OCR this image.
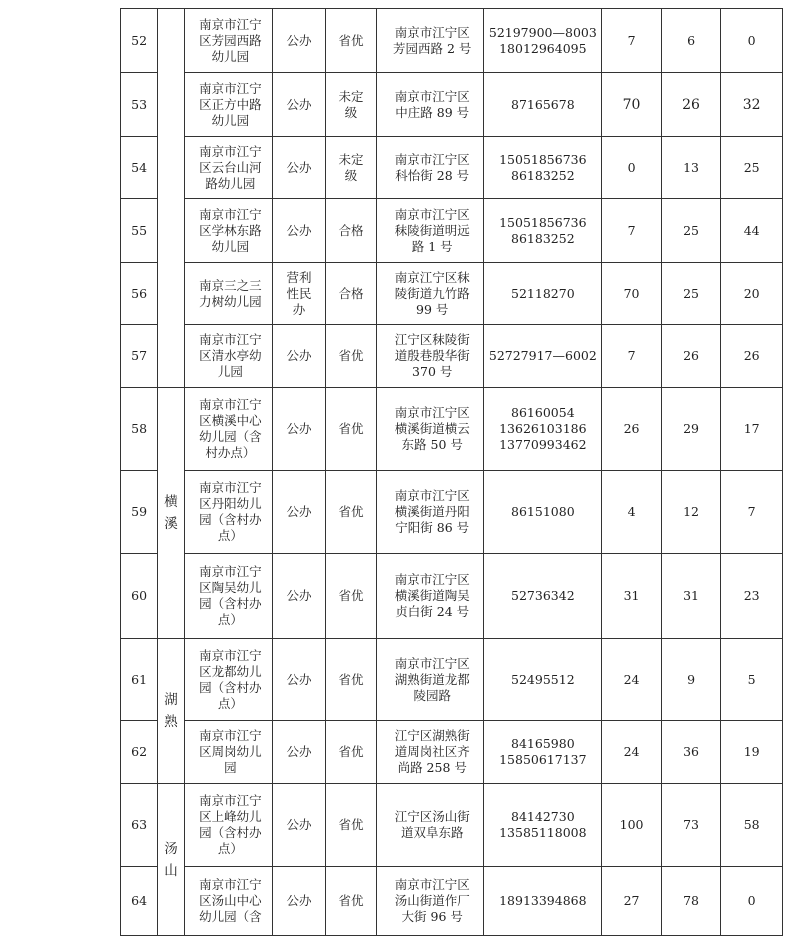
52		南京市江宁
区芳园西路
幼儿园	公办	省优	南京市江宁区
芳园西路 2 号	52197900—8003
18012964095	7	6	0
53		南京市江宁
区正方中路
幼儿园	公办	未定
级	南京市江宁区
中庄路 89 号	87165678	70	26	32
54		南京市江宁
区云台山河
路幼儿园	公办	未定
级	南京市江宁区
科怡街 28 号	15051856736
86183252	0	13	25
55		南京市江宁
区学林东路
幼儿园	公办	合格	南京市江宁区
秣陵街道明远
路 1 号	15051856736
86183252	7	25	44
56		南京三之三
力树幼儿园	营利
性民
办	合格	南京江宁区秣
陵街道九竹路
99 号	52118270	70	25	20
57		南京市江宁
区清水亭幼
儿园	公办	省优	江宁区秣陵街
道殷巷殷华街
370 号	52727917—6002	7	26	26
58	横
溪	南京市江宁
区横溪中心
幼儿园（含
村办点）	公办	省优	南京市江宁区
横溪街道横云
东路 50 号	86160054
13626103186
13770993462	26	29	17
59		南京市江宁
区丹阳幼儿
园（含村办
点）	公办	省优	南京市江宁区
横溪街道丹阳
宁阳街 86 号	86151080	4	12	7
60		南京市江宁
区陶吴幼儿
园（含村办
点）	公办	省优	南京市江宁区
横溪街道陶吴
贞白街 24 号	52736342	31	31	23
61	湖
熟	南京市江宁
区龙都幼儿
园（含村办
点）	公办	省优	南京市江宁区
湖熟街道龙都
陵园路	52495512	24	9	5
62		南京市江宁
区周岗幼儿
园	公办	省优	江宁区湖熟街
道周岗社区齐
尚路 258 号	84165980
15850617137	24	36	19
63	汤
山	南京市江宁
区上峰幼儿
园（含村办
点）	公办	省优	江宁区汤山街
道双阜东路	84142730
13585118008	100	73	58
64		南京市江宁
区汤山中心
幼儿园（含	公办	省优	南京市江宁区
汤山街道作厂
大街 96 号	18913394868	27	78	0
